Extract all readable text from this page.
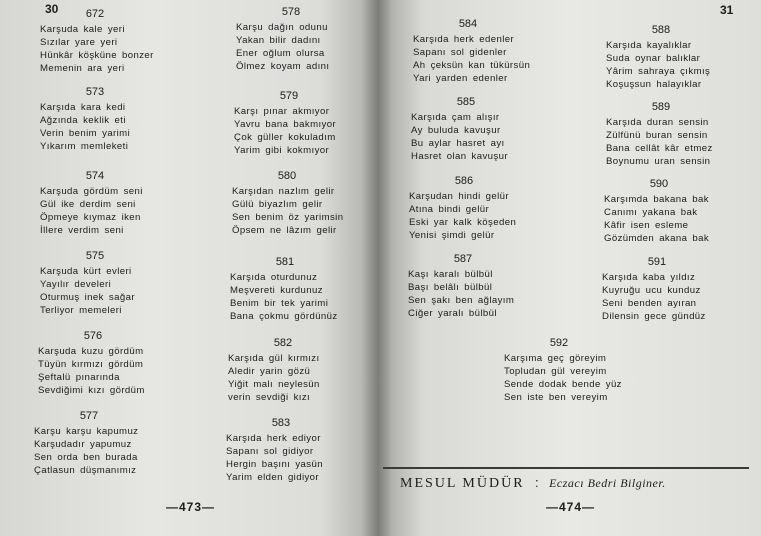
30	31
672
Karşuda kale yeri
Sızılar yare yeri
Hünkâr köşküne bonzer
Memenin ara yeri
573
Karşıda kara kedi
Ağzında keklik eti
Verin benim yarimi
Yıkarım memleketi
574
Karşuda gördüm seni
Gül ike derdim seni
Öpmeye kıymaz iken
İllere verdim seni
575
Karşuda kürt evleri
Yayılır develeri
Oturmuş inek sağar
Terliyor memeleri
576
Karşuda kuzu gördüm
Tüyün kırmızı gördüm
Şeftalü pınarında
Sevdiğimi kızı gördüm
577
Karşu karşu kapumuz
Karşudadır yapumuz
Sen orda ben burada
Çatlasun düşmanımız
578
Karşu dağın odunu
Yakan bilir dadını
Ener oğlum olursa
Ölmez koyam adını
579
Karşı pınar akmıyor
Yavru bana bakmıyor
Çok güller kokuladım
Yarim gibi kokmıyor
580
Karşıdan nazlım gelir
Gülü biyazlım gelir
Sen benim öz yarimsin
Öpsem ne lâzım gelir
581
Karşıda oturdunuz
Meşvereti kurdunuz
Benim bir tek yarimi
Bana çokmu gördünüz
582
Karşıda gül kırmızı
Aledir yarin gözü
Yiğit malı neylesün
verin sevdiği kızı
583
Karşıda herk ediyor
Sapanı sol gidiyor
Hergin başını yasün
Yarim elden gidiyor
584
Karşıda herk edenler
Sapanı sol gidenler
Ah çeksün kan tükürsün
Yari yarden edenler
585
Karşıda çam alışır
Ay buluda kavuşur
Bu aylar hasret ayı
Hasret olan kavuşur
586
Karşudan hindi gelür
Atına bindi gelür
Eski yar kalk köşeden
Yenisi şimdi gelür
587
Kaşı karalı bülbül
Başı belâlı bülbül
Sen şakı ben ağlayım
Ciğer yaralı bülbül
588
Karşıda kayalıklar
Suda oynar balıklar
Yârim sahraya çıkmış
Koşuşsun halayıklar
589
Karşıda duran sensin
Zülfünü buran sensin
Bana cellât kâr etmez
Boynumu uran sensin
590
Karşımda bakana bak
Canımı yakana bak
Kâfir isen esleme
Gözümden akana bak
591
Karşıda kaba yıldız
Kuyruğu ucu kunduz
Seni benden ayıran
Dilensin gece gündüz
592
Karşıma geç göreyim
Topludan gül vereyim
Sende dodak bende yüz
Sen iste ben vereyim
MESUL MÜDÜR : Eczacı Bedri Bilginer.
—473—	—474—
